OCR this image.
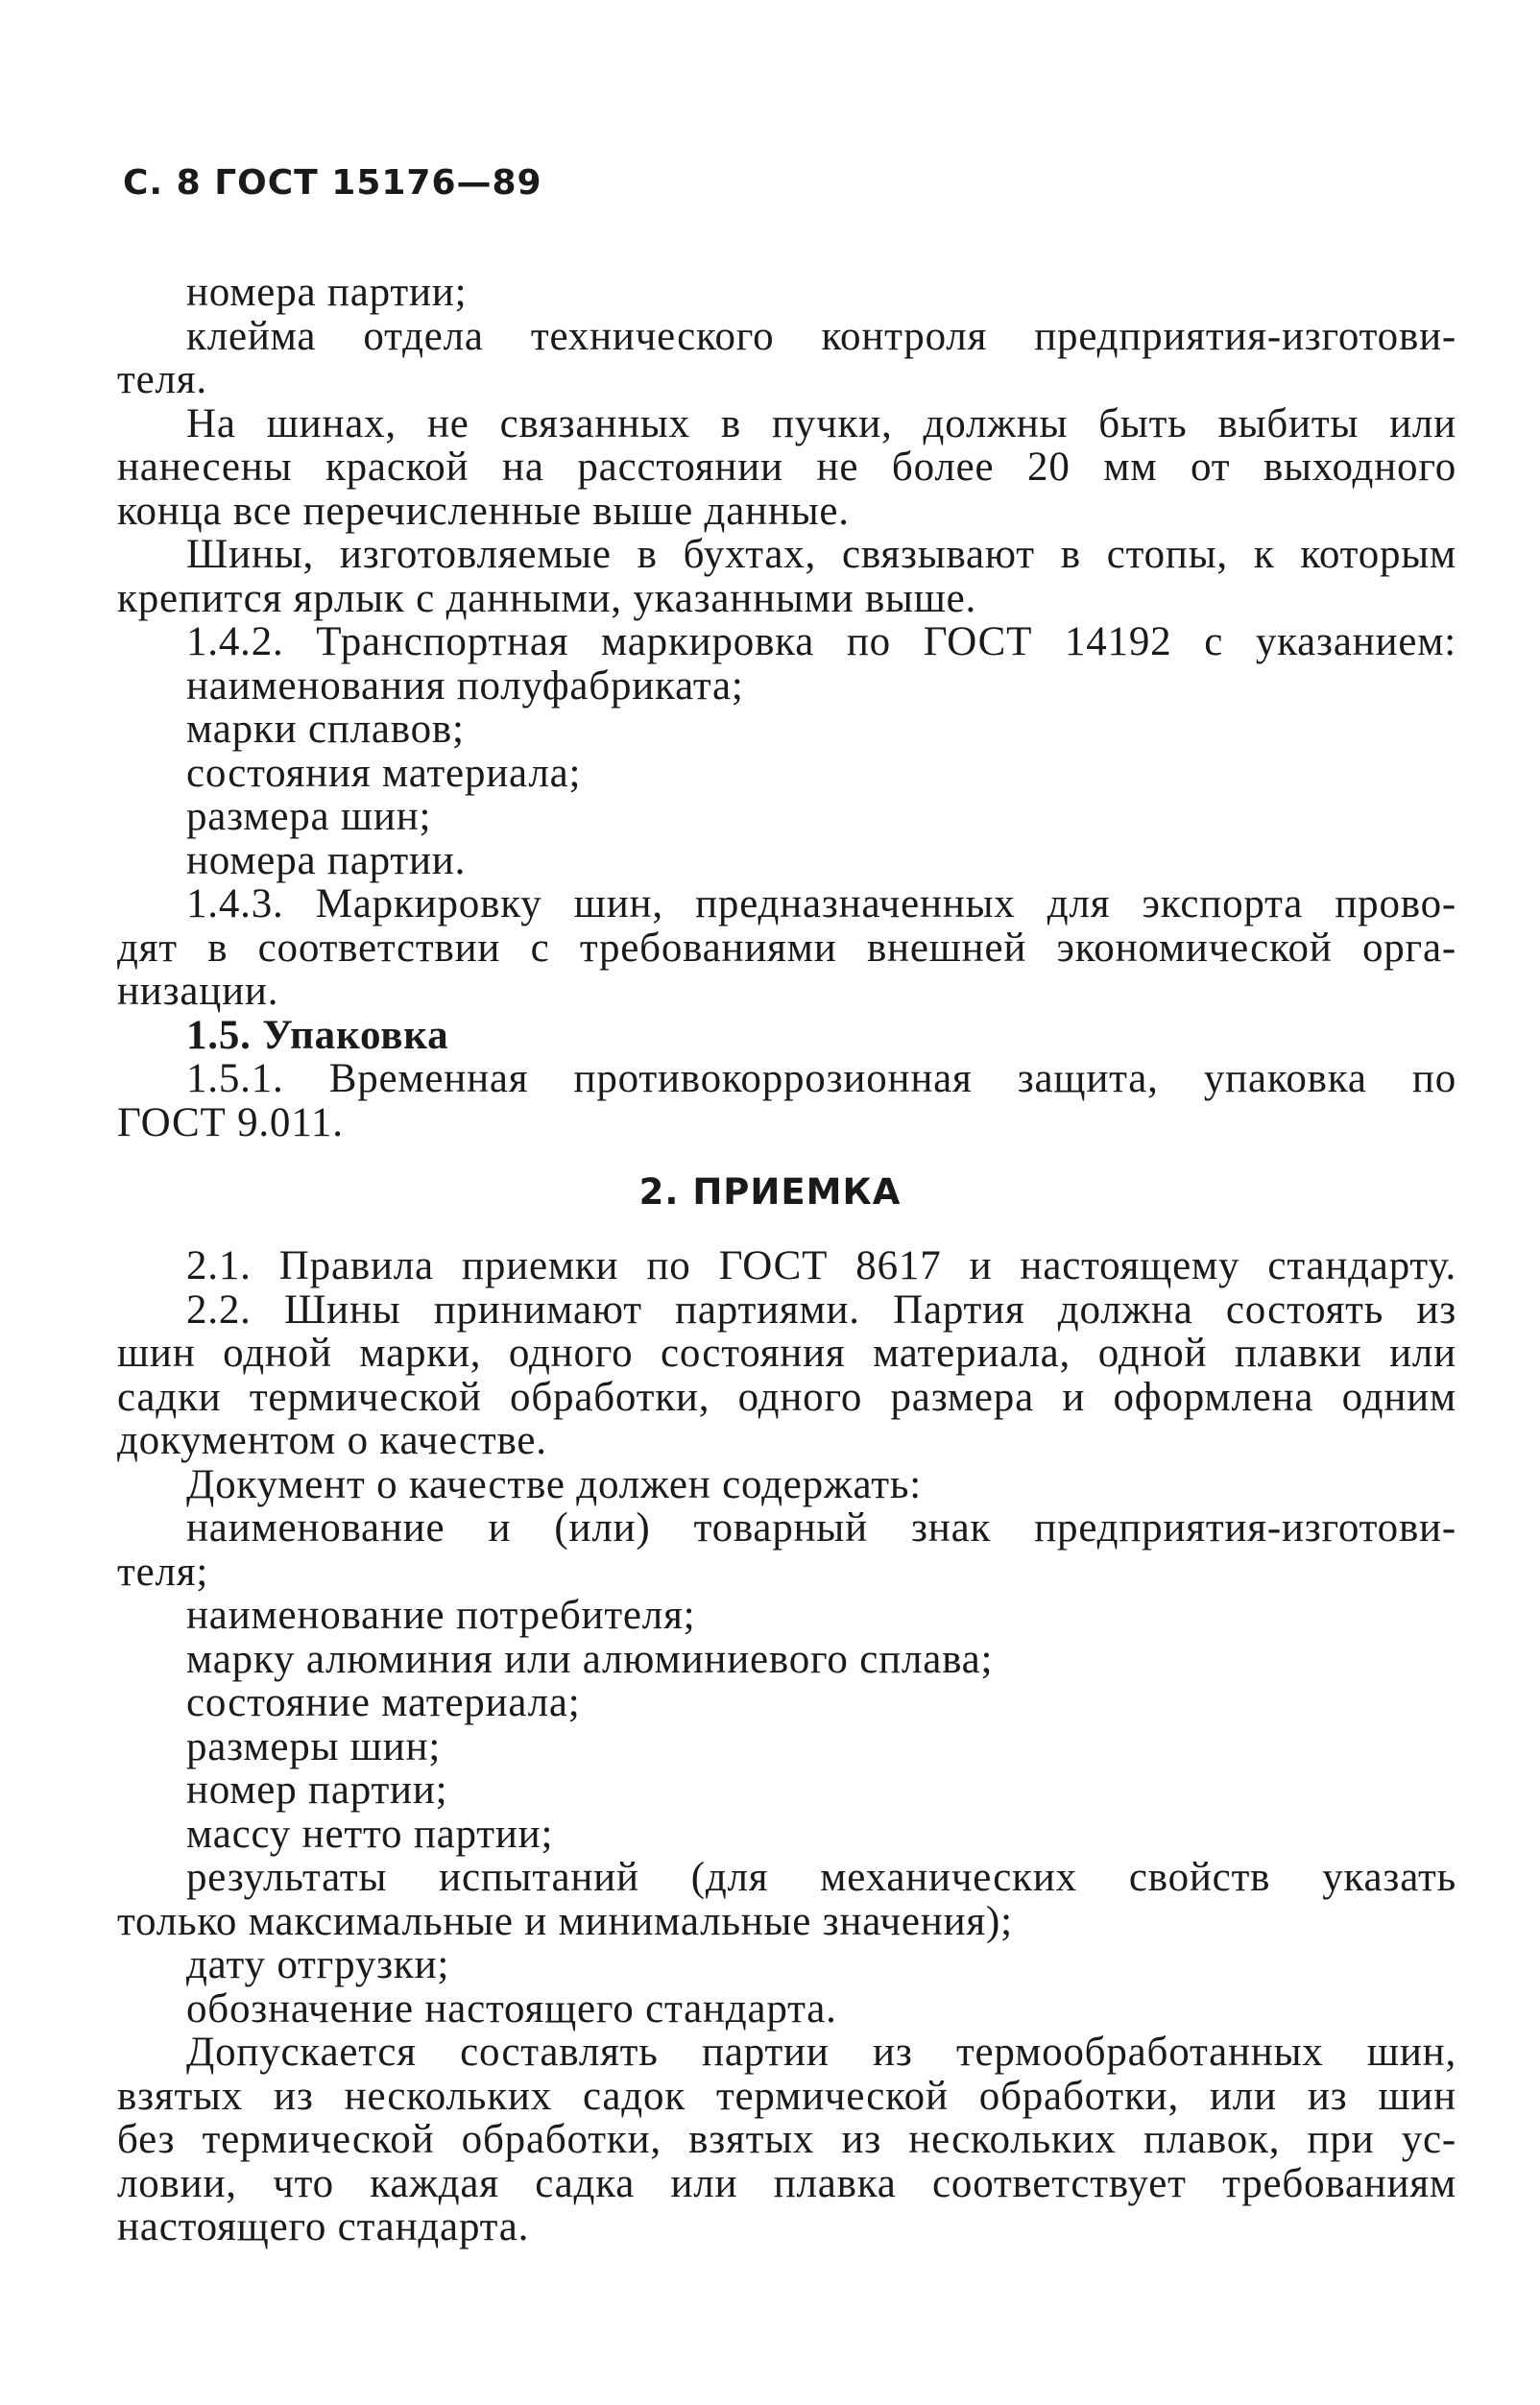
С. 8 ГОСТ 15176—89
номера партии;
клейма отдела технического контроля предприятия-изготови-
теля.
На шинах, не связанных в пучки, должны быть выбиты или
нанесены краской на расстоянии не более 20 мм от выходного
конца все перечисленные выше данные.
Шины, изготовляемые в бухтах, связывают в стопы, к которым
крепится ярлык с данными, указанными выше.
1.4.2. Транспортная маркировка по ГОСТ 14192 с указанием:
наименования полуфабриката;
марки сплавов;
состояния материала;
размера шин;
номера партии.
1.4.3. Маркировку шин, предназначенных для экспорта прово-
дят в соответствии с требованиями внешней экономической орга-
низации.
1.5. Упаковка
1.5.1. Временная противокоррозионная защита, упаковка по
ГОСТ 9.011.
2. ПРИЕМКА
2.1. Правила приемки по ГОСТ 8617 и настоящему стандарту.
2.2. Шины принимают партиями. Партия должна состоять из
шин одной марки, одного состояния материала, одной плавки или
садки термической обработки, одного размера и оформлена одним
документом о качестве.
Документ о качестве должен содержать:
наименование и (или) товарный знак предприятия-изготови-
теля;
наименование потребителя;
марку алюминия или алюминиевого сплава;
состояние материала;
размеры шин;
номер партии;
массу нетто партии;
результаты испытаний (для механических свойств указать
только максимальные и минимальные значения);
дату отгрузки;
обозначение настоящего стандарта.
Допускается составлять партии из термообработанных шин,
взятых из нескольких садок термической обработки, или из шин
без термической обработки, взятых из нескольких плавок, при ус-
ловии, что каждая садка или плавка соответствует требованиям
настоящего стандарта.
